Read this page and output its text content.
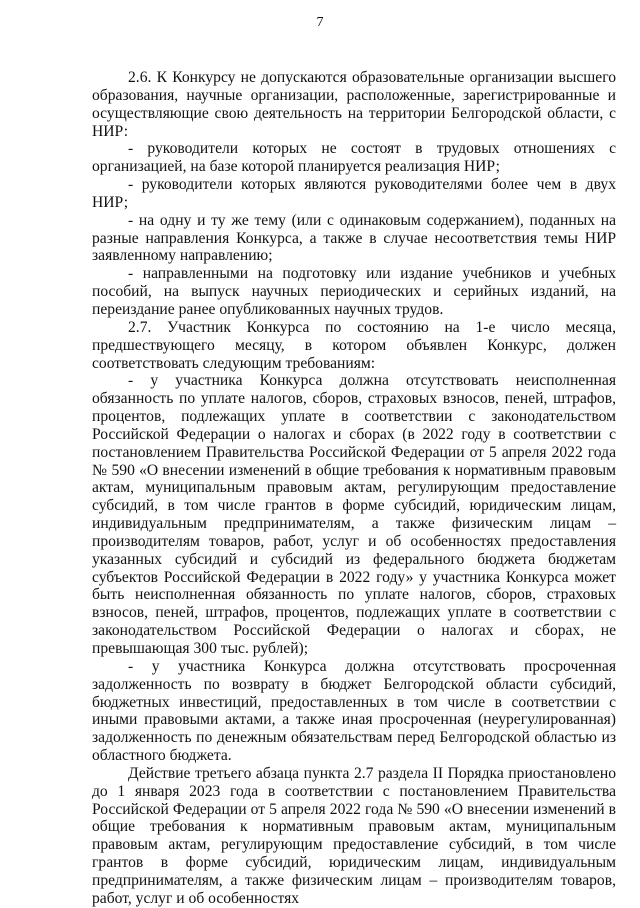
7

2.6. К Конкурсу не допускаются образовательные организации высшего образования, научные организации, расположенные, зарегистрированные и осуществляющие свою деятельность на территории Белгородской области, с НИР:

- руководители которых не состоят в трудовых отношениях с организацией, на базе которой планируется реализация НИР;

- руководители которых являются руководителями более чем в двух НИР;

- на одну и ту же тему (или с одинаковым содержанием), поданных на разные направления Конкурса, а также в случае несоответствия темы НИР заявленному направлению;

- направленными на подготовку или издание учебников и учебных пособий, на выпуск научных периодических и серийных изданий, на переиздание ранее опубликованных научных трудов.

2.7. Участник Конкурса по состоянию на 1-е число месяца, предшествующего месяцу, в котором объявлен Конкурс, должен соответствовать следующим требованиям:

- у участника Конкурса должна отсутствовать неисполненная обязанность по уплате налогов, сборов, страховых взносов, пеней, штрафов, процентов, подлежащих уплате в соответствии с законодательством Российской Федерации о налогах и сборах (в 2022 году в соответствии с постановлением Правительства Российской Федерации от 5 апреля 2022 года № 590 «О внесении изменений в общие требования к нормативным правовым актам, муниципальным правовым актам, регулирующим предоставление субсидий, в том числе грантов в форме субсидий, юридическим лицам, индивидуальным предпринимателям, а также физическим лицам – производителям товаров, работ, услуг и об особенностях предоставления указанных субсидий и субсидий из федерального бюджета бюджетам субъектов Российской Федерации в 2022 году» у участника Конкурса может быть неисполненная обязанность по уплате налогов, сборов, страховых взносов, пеней, штрафов, процентов, подлежащих уплате в соответствии с законодательством Российской Федерации о налогах и сборах, не превышающая 300 тыс. рублей);

- у участника Конкурса должна отсутствовать просроченная задолженность по возврату в бюджет Белгородской области субсидий, бюджетных инвестиций, предоставленных в том числе в соответствии с иными правовыми актами, а также иная просроченная (неурегулированная) задолженность по денежным обязательствам перед Белгородской областью из областного бюджета.

Действие третьего абзаца пункта 2.7 раздела II Порядка приостановлено до 1 января 2023 года в соответствии с постановлением Правительства Российской Федерации от 5 апреля 2022 года № 590 «О внесении изменений в общие требования к нормативным правовым актам, муниципальным правовым актам, регулирующим предоставление субсидий, в том числе грантов в форме субсидий, юридическим лицам, индивидуальным предпринимателям, а также физическим лицам – производителям товаров, работ, услуг и об особенностях
